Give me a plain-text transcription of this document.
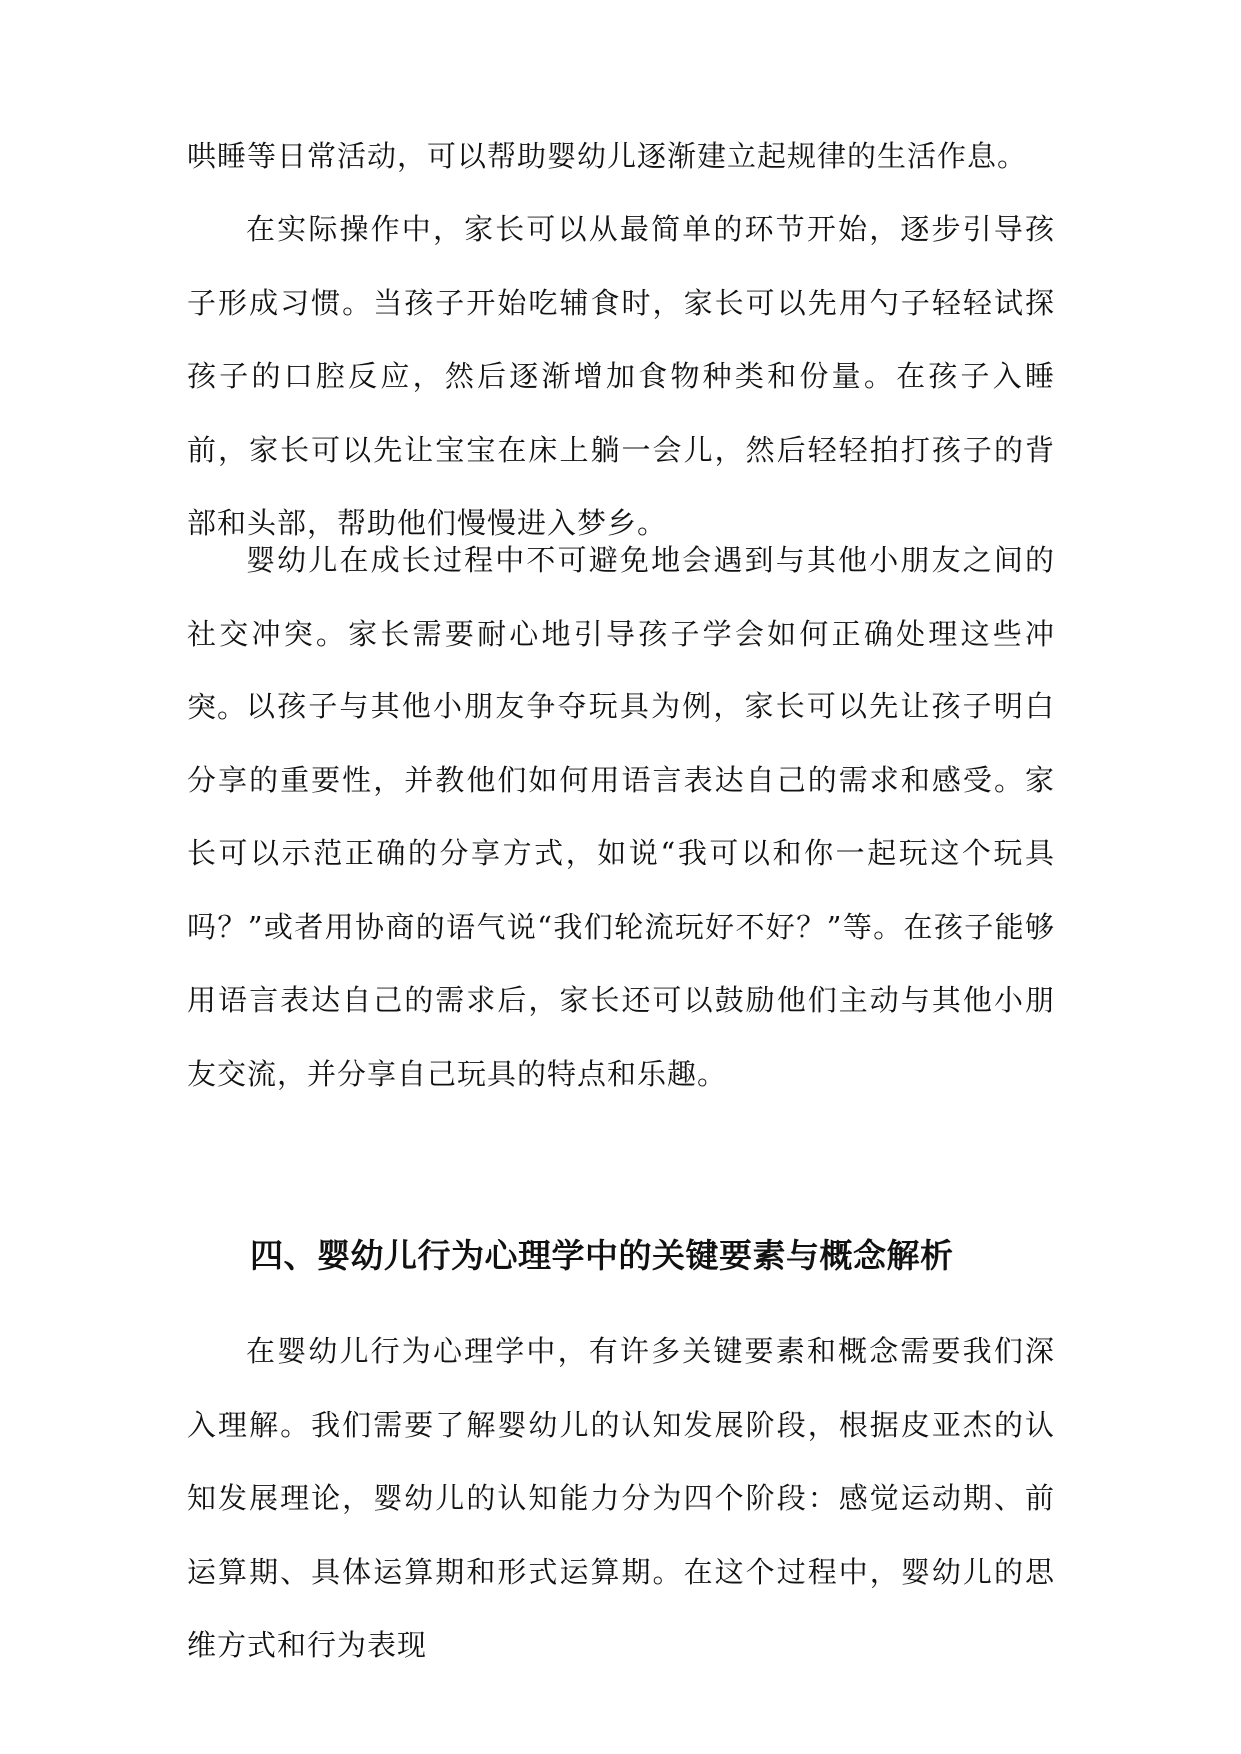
哄睡等日常活动，可以帮助婴幼儿逐渐建立起规律的生活作息。

在实际操作中，家长可以从最简单的环节开始，逐步引导孩子形成习惯。当孩子开始吃辅食时，家长可以先用勺子轻轻试探孩子的口腔反应，然后逐渐增加食物种类和份量。在孩子入睡前，家长可以先让宝宝在床上躺一会儿，然后轻轻拍打孩子的背部和头部，帮助他们慢慢进入梦乡。

婴幼儿在成长过程中不可避免地会遇到与其他小朋友之间的社交冲突。家长需要耐心地引导孩子学会如何正确处理这些冲突。

以孩子与其他小朋友争夺玩具为例，家长可以先让孩子明白分享的重要性，并教他们如何用语言表达自己的需求和感受。家长可以示范正确的分享方式，如说“我可以和你一起玩这个玩具吗？”或者用协商的语气说“我们轮流玩好不好？”等。在孩子能够用语言表达自己的需求后，家长还可以鼓励他们主动与其他小朋友交流，并分享自己玩具的特点和乐趣。

四、婴幼儿行为心理学中的关键要素与概念解析

在婴幼儿行为心理学中，有许多关键要素和概念需要我们深入理解。我们需要了解婴幼儿的认知发展阶段，根据皮亚杰的认知发展理论，婴幼儿的认知能力分为四个阶段：感觉运动期、前运算期、具体运算期和形式运算期。在这个过程中，婴幼儿的思维方式和行为表现
